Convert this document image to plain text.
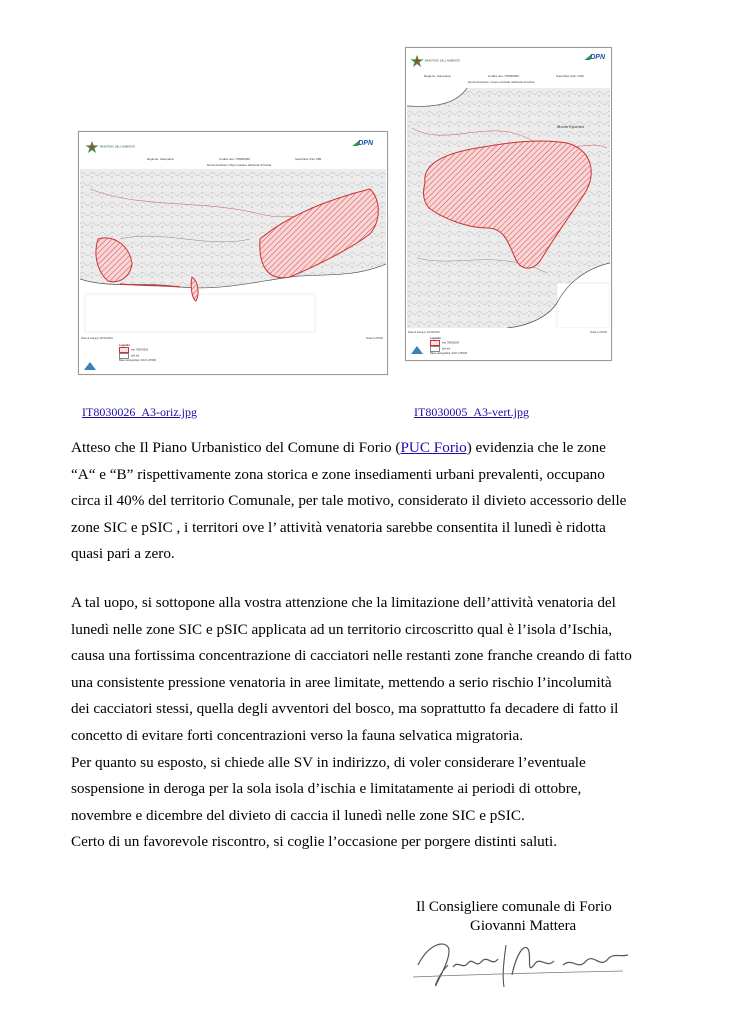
MINISTERO DELL'AMBIENTE
◢DPN
Regione: Campania	Codice sito: IT8030026	Superficie (ha): 685
Denominazione: Rupi costiere dell'isola di Ischia
Data di stampa: 06/12/2010	Scala 1:25'000
Legenda
sito IT8030026
altri siti
Base cartografica: IGM 1:25'000
MINISTERO DELL'AMBIENTE
◢DPN
Regione: Campania	Codice sito: IT8030005	Superficie (ha): 1310
Denominazione: Corpo centrale dell'isola di Ischia
Monte Epomeo
Data di stampa: 06/12/2010	Scala 1:25'000
Legenda
sito IT8030005
altri siti
Base cartografica: IGM 1:25'000
IT8030026_A3-oriz.jpg	IT8030005_A3-vert.jpg
Atteso che Il Piano Urbanistico del Comune di Forio (PUC Forio) evidenzia che le zone
“A“ e “B” rispettivamente zona storica e zone insediamenti urbani prevalenti, occupano
circa il 40% del territorio Comunale, per tale motivo, considerato il divieto accessorio delle
zone SIC e pSIC , i territori ove l’ attività venatoria sarebbe consentita il lunedì è ridotta
quasi pari a zero.
A tal uopo, si sottopone alla vostra attenzione che la limitazione dell’attività venatoria del
lunedì nelle zone SIC e pSIC applicata ad un territorio circoscritto qual è l’isola d’Ischia,
causa una fortissima concentrazione di cacciatori nelle restanti zone franche creando di fatto
una consistente pressione venatoria in aree limitate, mettendo a serio rischio l’incolumità
dei cacciatori stessi, quella degli avventori del bosco, ma soprattutto fa decadere di fatto il
concetto di evitare forti concentrazioni verso la fauna selvatica migratoria.
Per quanto su esposto, si chiede alle SV in indirizzo, di voler considerare l’eventuale
sospensione in deroga per la sola isola d’ischia e limitatamente ai periodi di ottobre,
novembre e dicembre del divieto di caccia il lunedì nelle zone SIC e pSIC.
Certo di un favorevole riscontro, si coglie l’occasione per porgere distinti saluti.
Il Consigliere comunale di Forio
Giovanni Mattera
